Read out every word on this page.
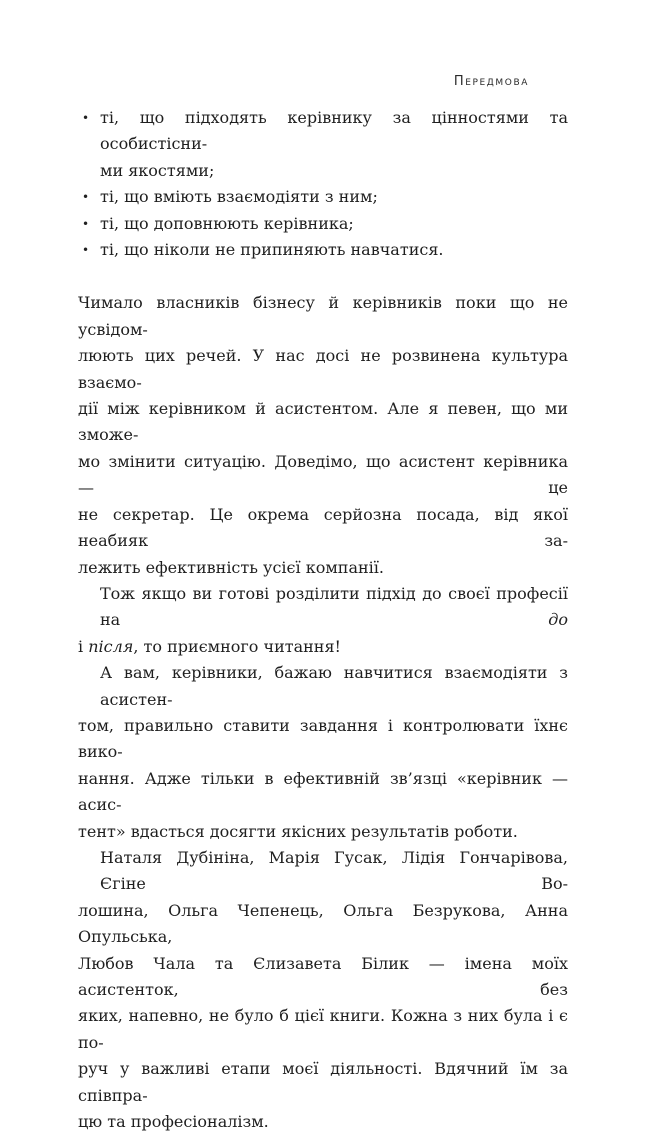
Передмова
• ті, що підходять керівнику за цінностями та особистісни-
ми якостями;
• ті, що вміють взаємодіяти з ним;
• ті, що доповнюють керівника;
• ті, що ніколи не припиняють навчатися.

Чимало власників бізнесу й керівників поки що не усвідом-
люють цих речей. У нас досі не розвинена культура взаємо-
дії між керівником й асистентом. Але я певен, що ми зможе-
мо змінити ситуацію. Доведімо, що асистент керівника — це
не секретар. Це окрема серйозна посада, від якої неабияк за-
лежить ефективність усієї компанії.

Тож якщо ви готові розділити підхід до своєї професії на до
і після, то приємного читання!

А вам, керівники, бажаю навчитися взаємодіяти з асистен-
том, правильно ставити завдання і контролювати їхнє вико-
нання. Адже тільки в ефективній зв’язці «керівник — асис-
тент» вдасться досягти якісних результатів роботи.

Наталя Дубініна, Марія Гусак, Лідія Гончарівова, Єгіне Во-
лошина, Ольга Чепенець, Ольга Безрукова, Анна Опульська,
Любов Чала та Єлизавета Білик — імена моїх асистенток, без
яких, напевно, не було б цієї книги. Кожна з них була і є по-
руч у важливі етапи моєї діяльності. Вдячний їм за співпра-
цю та професіоналізм.
